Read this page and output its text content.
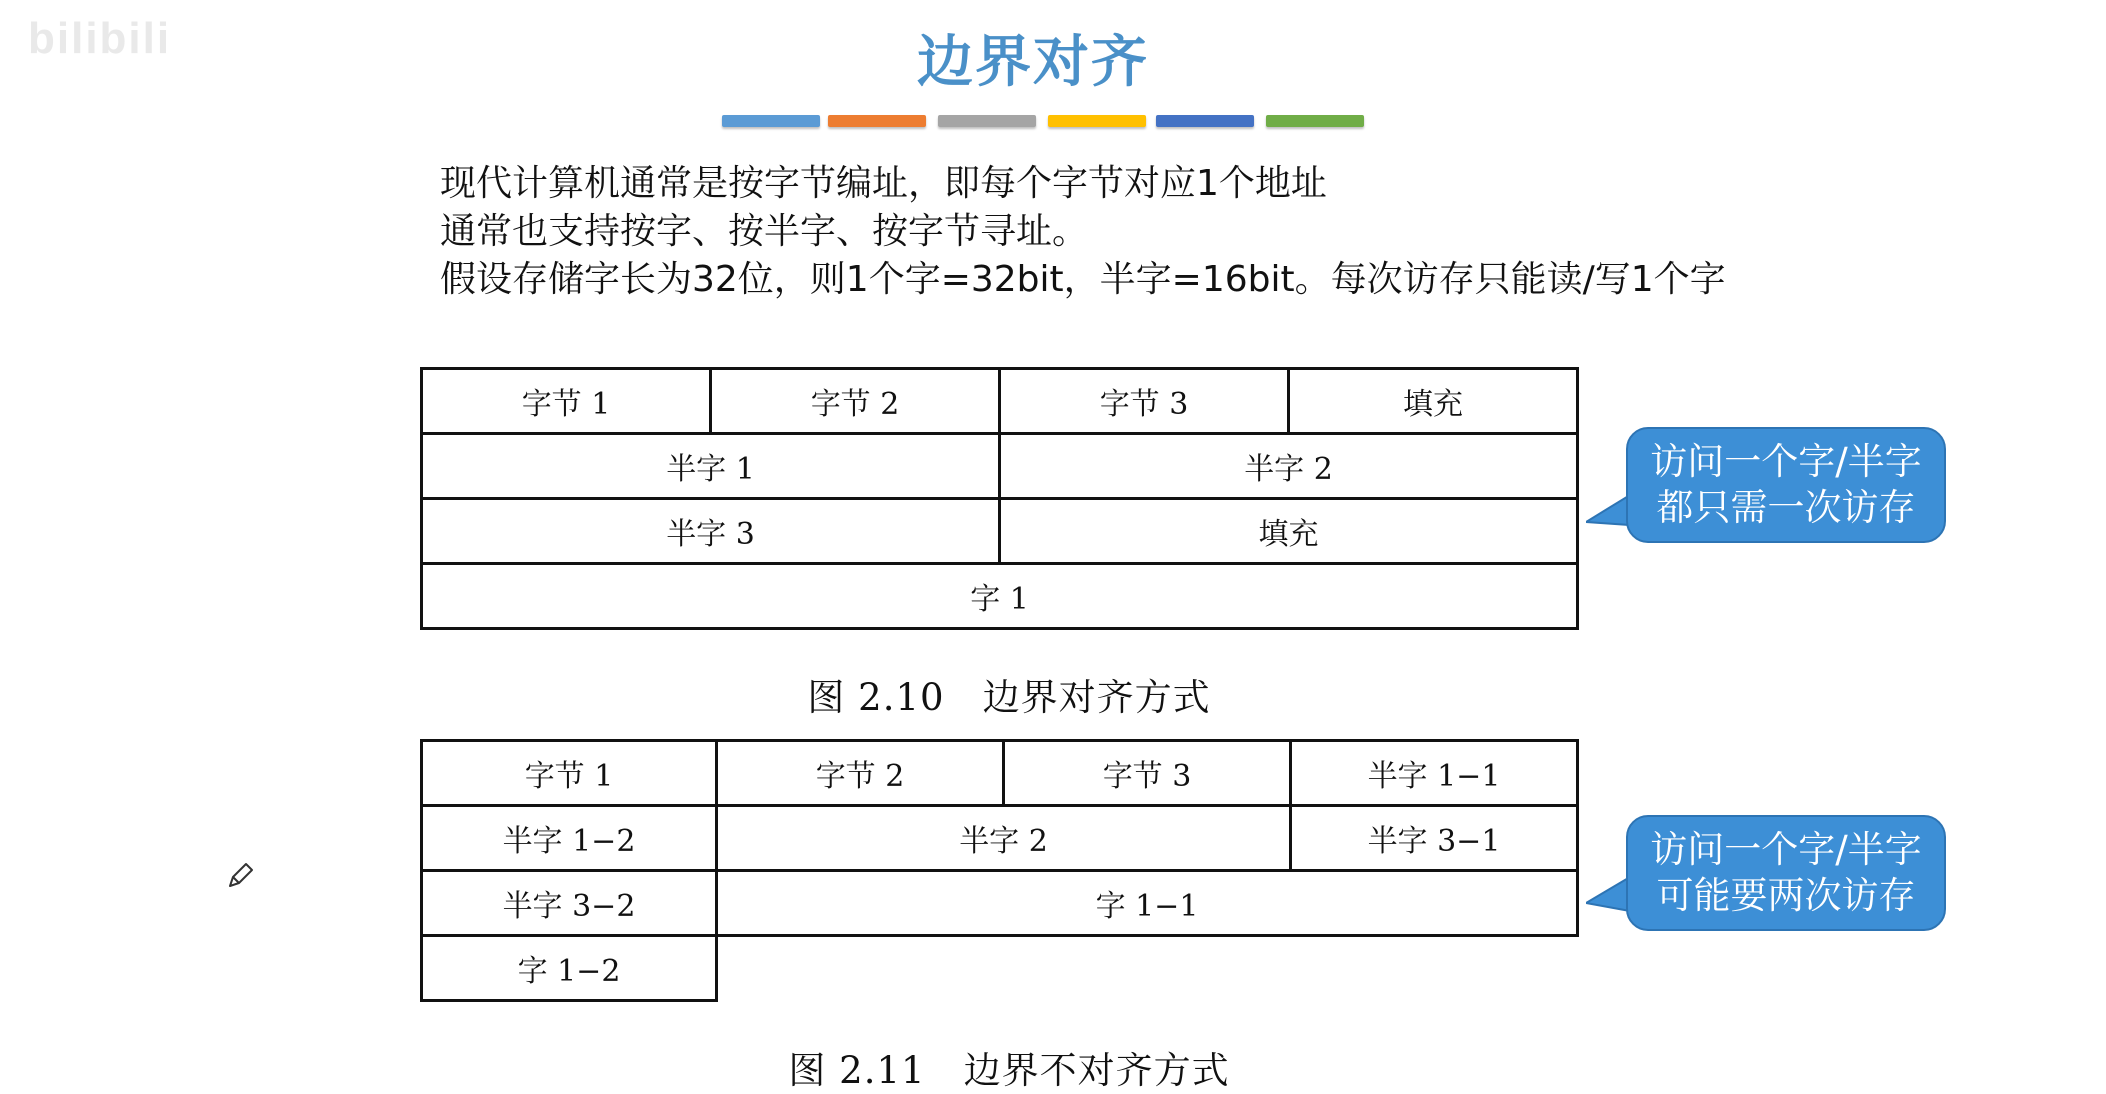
bilibili	边界对齐
现代计算机通常是按字节编址，即每个字节对应1个地址
通常也支持按字、按半字、按字节寻址。
假设存储字长为32位，则1个字=32bit，半字=16bit。每次访存只能读/写1个字
字节 1	字节 2	字节 3	填充
半字 1	半字 2
半字 3	填充
字 1
图 2.10　边界对齐方式
访问一个字/半字
都只需一次访存
字节 1	字节 2	字节 3	半字 1−1
半字 1−2	半字 2	半字 3−1
半字 3−2	字 1−1
字 1−2
图 2.11　边界不对齐方式
访问一个字/半字
可能要两次访存
